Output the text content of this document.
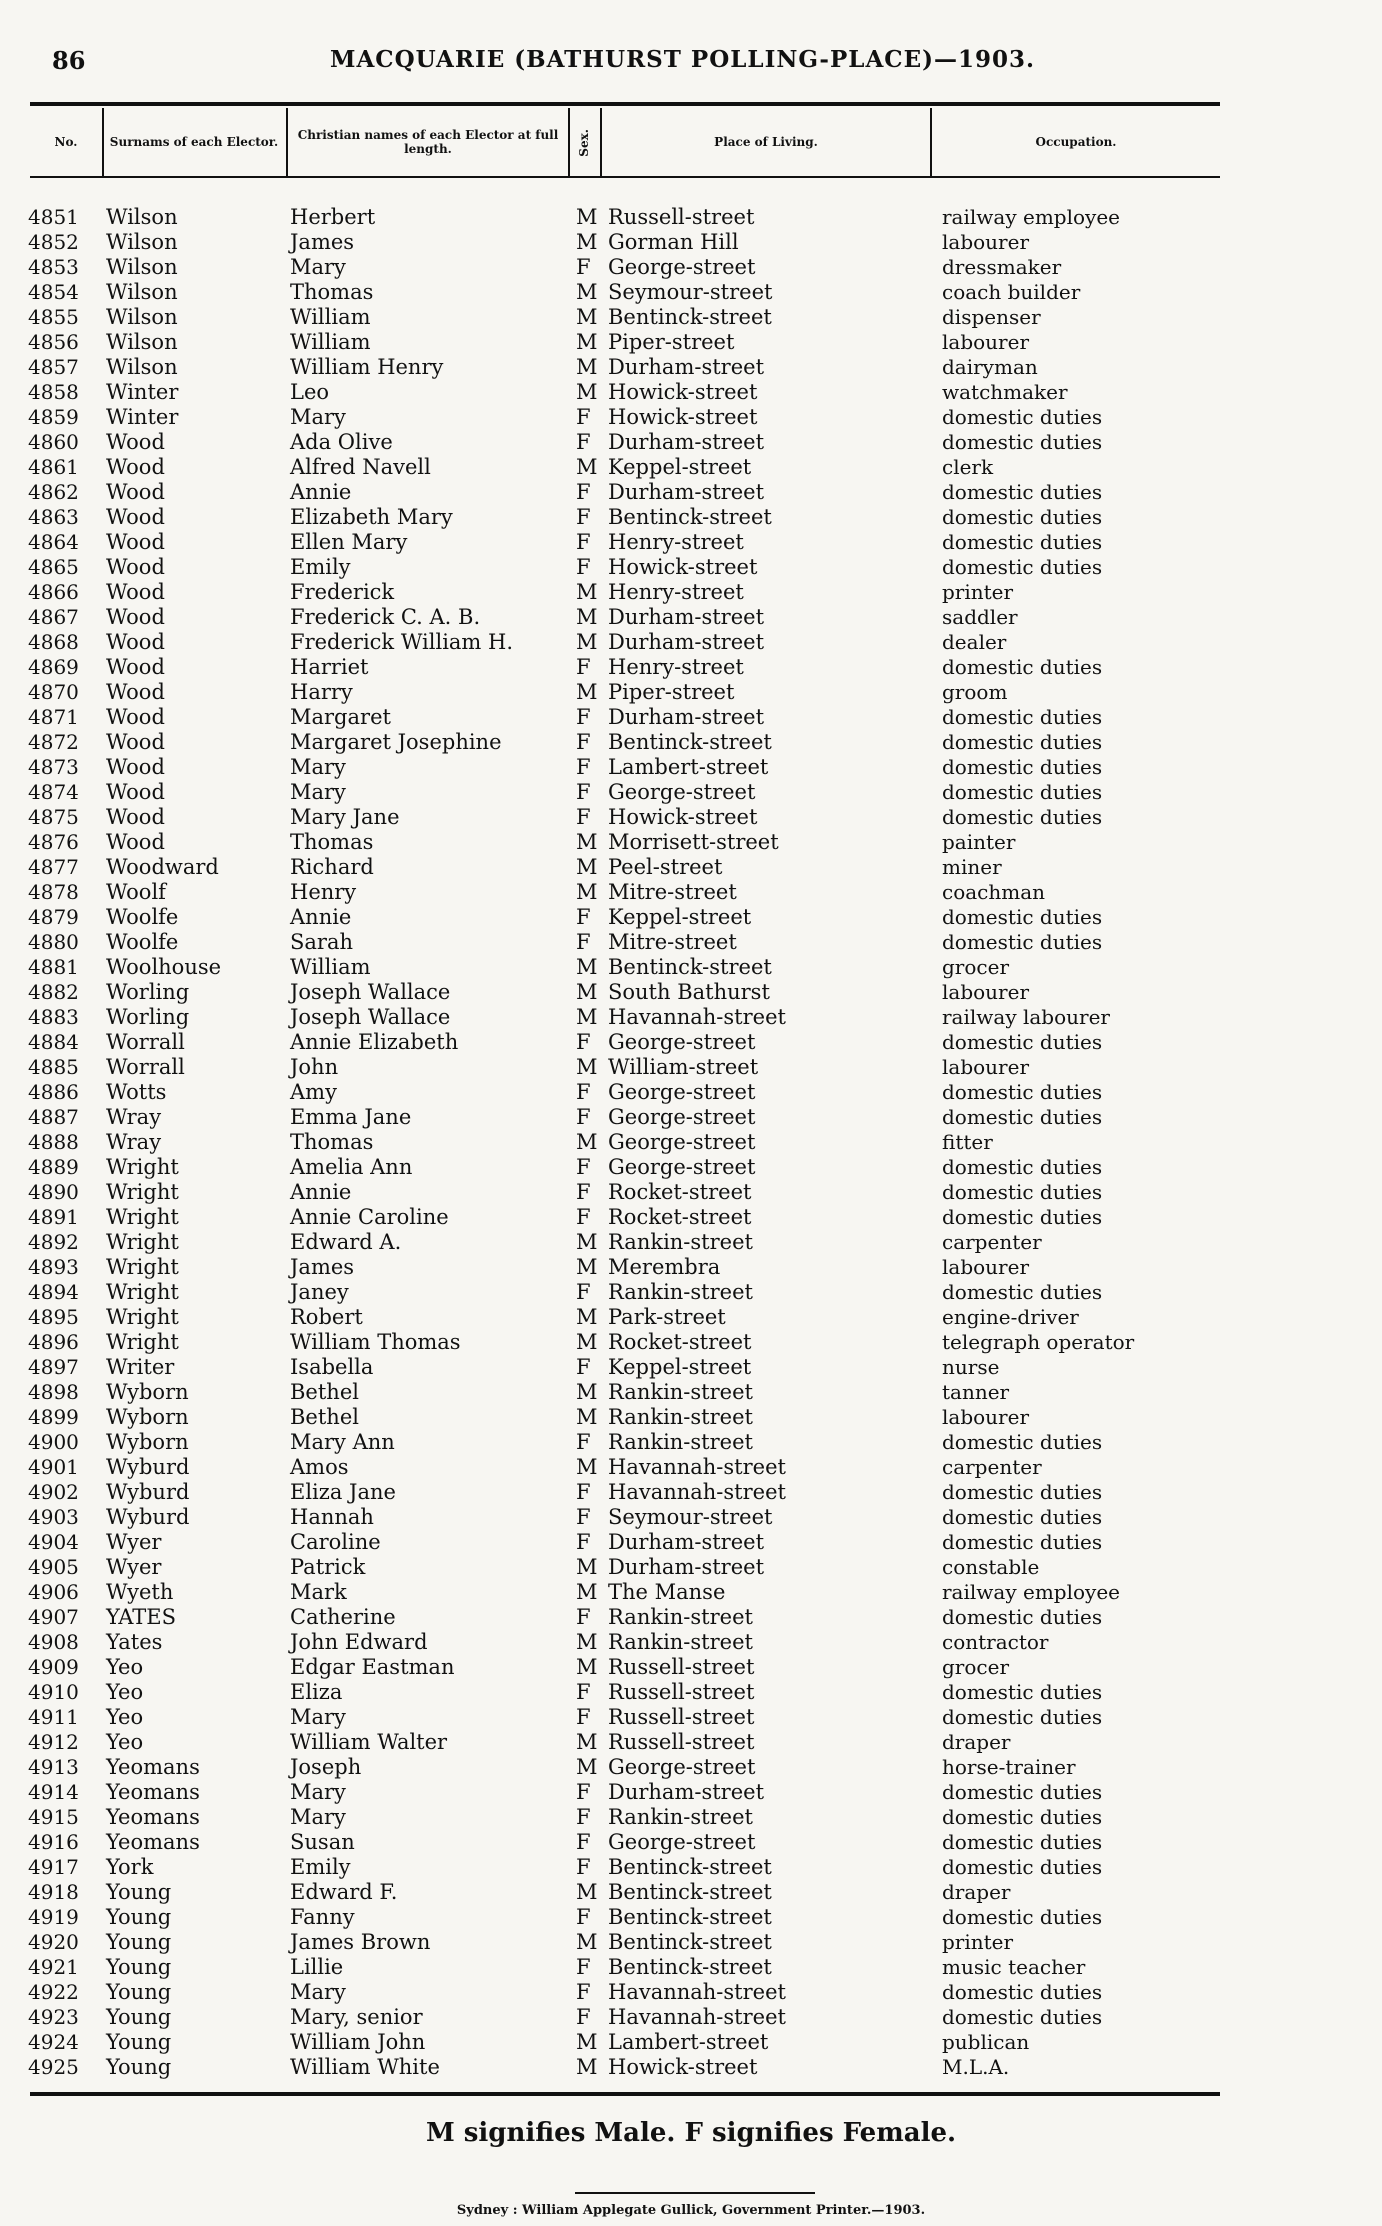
86	MACQUARIE (BATHURST POLLING-PLACE)—1903.
No.	Surnams of each Elector.	Christian names of each Elector at full length.	Sex.	Place of Living.	Occupation.
4851 Wilson	Herbert	M Russell-street	railway employee
4852 Wilson	James	M Gorman Hill	labourer
4853 Wilson	Mary	F George-street	dressmaker
4854 Wilson	Thomas	M Seymour-street	coach builder
4855 Wilson	William	M Bentinck-street	dispenser
4856 Wilson	William	M Piper-street	labourer
4857 Wilson	William Henry	M Durham-street	dairyman
4858 Winter	Leo	M Howick-street	watchmaker
4859 Winter	Mary	F Howick-street	domestic duties
4860 Wood	Ada Olive	F Durham-street	domestic duties
4861 Wood	Alfred Navell	M Keppel-street	clerk
4862 Wood	Annie	F Durham-street	domestic duties
4863 Wood	Elizabeth Mary	F Bentinck-street	domestic duties
4864 Wood	Ellen Mary	F Henry-street	domestic duties
4865 Wood	Emily	F Howick-street	domestic duties
4866 Wood	Frederick	M Henry-street	printer
4867 Wood	Frederick C. A. B.	M Durham-street	saddler
4868 Wood	Frederick William H.	M Durham-street	dealer
4869 Wood	Harriet	F Henry-street	domestic duties
4870 Wood	Harry	M Piper-street	groom
4871 Wood	Margaret	F Durham-street	domestic duties
4872 Wood	Margaret Josephine	F Bentinck-street	domestic duties
4873 Wood	Mary	F Lambert-street	domestic duties
4874 Wood	Mary	F George-street	domestic duties
4875 Wood	Mary Jane	F Howick-street	domestic duties
4876 Wood	Thomas	M Morrisett-street	painter
4877 Woodward	Richard	M Peel-street	miner
4878 Woolf	Henry	M Mitre-street	coachman
4879 Woolfe	Annie	F Keppel-street	domestic duties
4880 Woolfe	Sarah	F Mitre-street	domestic duties
4881 Woolhouse	William	M Bentinck-street	grocer
4882 Worling	Joseph Wallace	M South Bathurst	labourer
4883 Worling	Joseph Wallace	M Havannah-street	railway labourer
4884 Worrall	Annie Elizabeth	F George-street	domestic duties
4885 Worrall	John	M William-street	labourer
4886 Wotts	Amy	F George-street	domestic duties
4887 Wray	Emma Jane	F George-street	domestic duties
4888 Wray	Thomas	M George-street	fitter
4889 Wright	Amelia Ann	F George-street	domestic duties
4890 Wright	Annie	F Rocket-street	domestic duties
4891 Wright	Annie Caroline	F Rocket-street	domestic duties
4892 Wright	Edward A.	M Rankin-street	carpenter
4893 Wright	James	M Merembra	labourer
4894 Wright	Janey	F Rankin-street	domestic duties
4895 Wright	Robert	M Park-street	engine-driver
4896 Wright	William Thomas	M Rocket-street	telegraph operator
4897 Writer	Isabella	F Keppel-street	nurse
4898 Wyborn	Bethel	M Rankin-street	tanner
4899 Wyborn	Bethel	M Rankin-street	labourer
4900 Wyborn	Mary Ann	F Rankin-street	domestic duties
4901 Wyburd	Amos	M Havannah-street	carpenter
4902 Wyburd	Eliza Jane	F Havannah-street	domestic duties
4903 Wyburd	Hannah	F Seymour-street	domestic duties
4904 Wyer	Caroline	F Durham-street	domestic duties
4905 Wyer	Patrick	M Durham-street	constable
4906 Wyeth	Mark	M The Manse	railway employee
4907 YATES	Catherine	F Rankin-street	domestic duties
4908 Yates	John Edward	M Rankin-street	contractor
4909 Yeo	Edgar Eastman	M Russell-street	grocer
4910 Yeo	Eliza	F Russell-street	domestic duties
4911 Yeo	Mary	F Russell-street	domestic duties
4912 Yeo	William Walter	M Russell-street	draper
4913 Yeomans	Joseph	M George-street	horse-trainer
4914 Yeomans	Mary	F Durham-street	domestic duties
4915 Yeomans	Mary	F Rankin-street	domestic duties
4916 Yeomans	Susan	F George-street	domestic duties
4917 York	Emily	F Bentinck-street	domestic duties
4918 Young	Edward F.	M Bentinck-street	draper
4919 Young	Fanny	F Bentinck-street	domestic duties
4920 Young	James Brown	M Bentinck-street	printer
4921 Young	Lillie	F Bentinck-street	music teacher
4922 Young	Mary	F Havannah-street	domestic duties
4923 Young	Mary, senior	F Havannah-street	domestic duties
4924 Young	William John	M Lambert-street	publican
4925 Young	William White	M Howick-street	M.L.A.
M signifies Male. F signifies Female.
Sydney : William Applegate Gullick, Government Printer.—1903.
